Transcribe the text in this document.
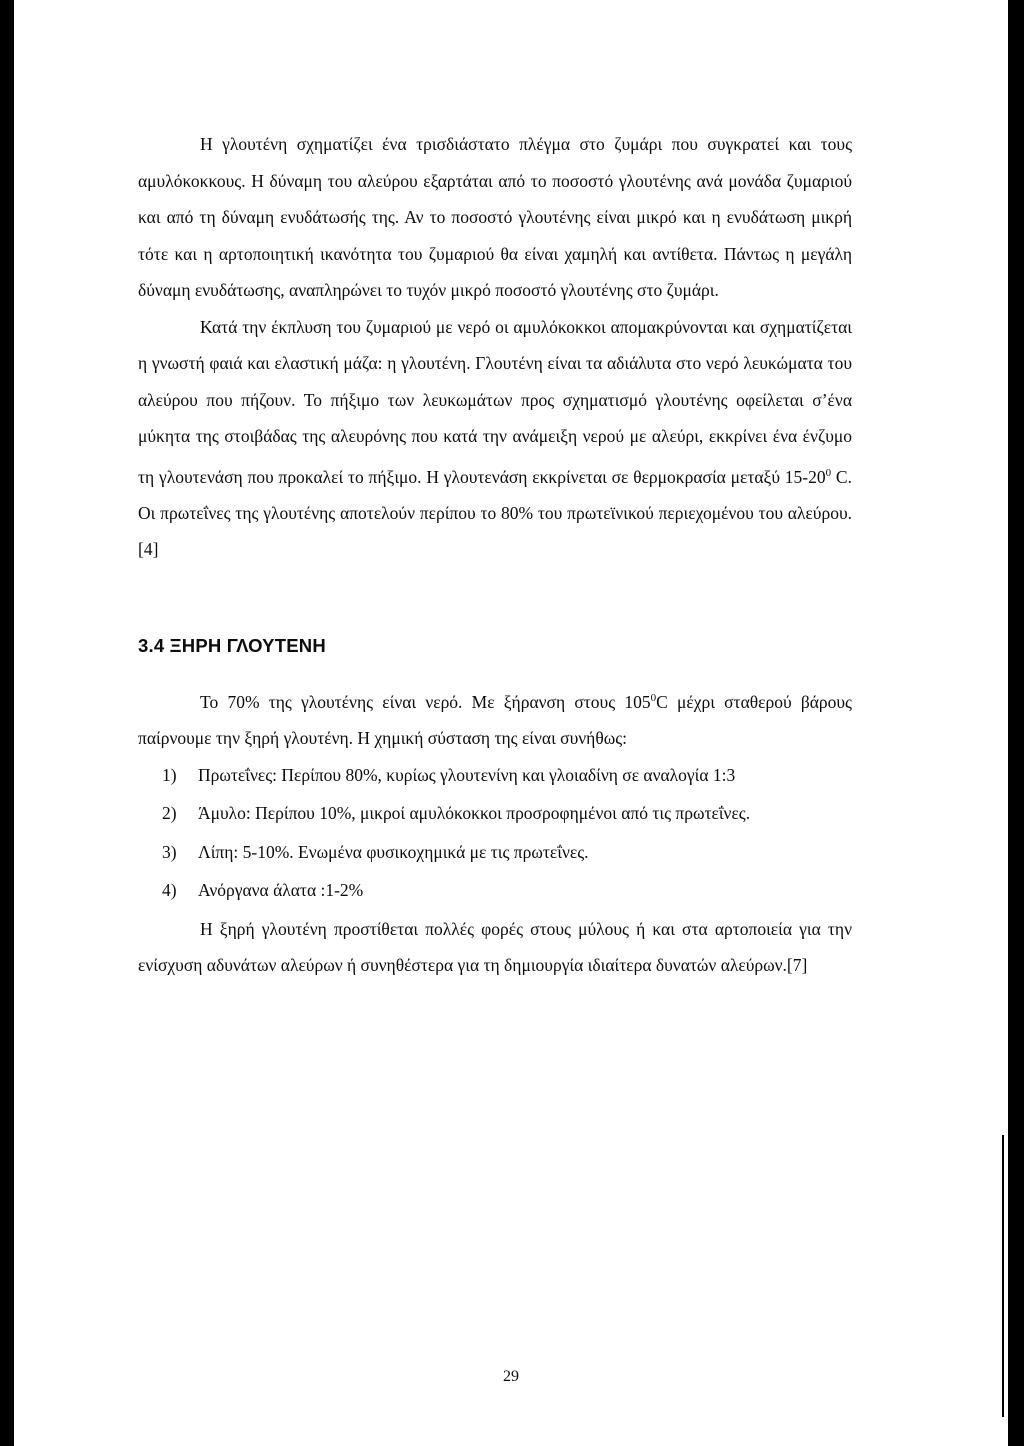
Η γλουτένη σχηματίζει ένα τρισδιάστατο πλέγμα στο ζυμάρι που συγκρατεί και τους αμυλόκοκκους. Η δύναμη του αλεύρου εξαρτάται από το ποσοστό γλουτένης ανά μονάδα ζυμαριού και από τη δύναμη ενυδάτωσής της. Αν το ποσοστό γλουτένης είναι μικρό και η ενυδάτωση μικρή τότε και η αρτοποιητική ικανότητα του ζυμαριού θα είναι χαμηλή και αντίθετα. Πάντως η μεγάλη δύναμη ενυδάτωσης, αναπληρώνει το τυχόν μικρό ποσοστό γλουτένης στο ζυμάρι.

Κατά την έκπλυση του ζυμαριού με νερό οι αμυλόκοκκοι απομακρύνονται και σχηματίζεται η γνωστή φαιά και ελαστική μάζα: η γλουτένη. Γλουτένη είναι τα αδιάλυτα στο νερό λευκώματα του αλεύρου που πήζουν. Το πήξιμο των λευκωμάτων προς σχηματισμό γλουτένης οφείλεται σ’ένα μύκητα της στοιβάδας της αλευρόνης που κατά την ανάμειξη νερού με αλεύρι, εκκρίνει ένα ένζυμο τη γλουτενάση που προκαλεί το πήξιμο. Η γλουτενάση εκκρίνεται σε θερμοκρασία μεταξύ $15-20^0$ C. Οι πρωτεΐνες της γλουτένης αποτελούν περίπου το 80% του πρωτεϊνικού περιεχομένου του αλεύρου. [4]

3.4 ΞΗΡΗ ΓΛΟΥΤΕΝΗ

Το 70% της γλουτένης είναι νερό. Με ξήρανση στους $105^0C$ μέχρι σταθερού βάρους παίρνουμε την ξηρή γλουτένη. Η χημική σύσταση της είναι συνήθως:

1) Πρωτεΐνες: Περίπου 80%, κυρίως γλουτενίνη και γλοιαδίνη σε αναλογία 1:3
2) Άμυλο: Περίπου 10%, μικροί αμυλόκοκκοι προσροφημένοι από τις πρωτεΐνες.
3) Λίπη: 5-10%. Ενωμένα φυσικοχημικά με τις πρωτεΐνες.
4) Ανόργανα άλατα :1-2%

Η ξηρή γλουτένη προστίθεται πολλές φορές στους μύλους ή και στα αρτοποιεία για την ενίσχυση αδυνάτων αλεύρων ή συνηθέστερα για τη δημιουργία ιδιαίτερα δυνατών αλεύρων.[7]

29
